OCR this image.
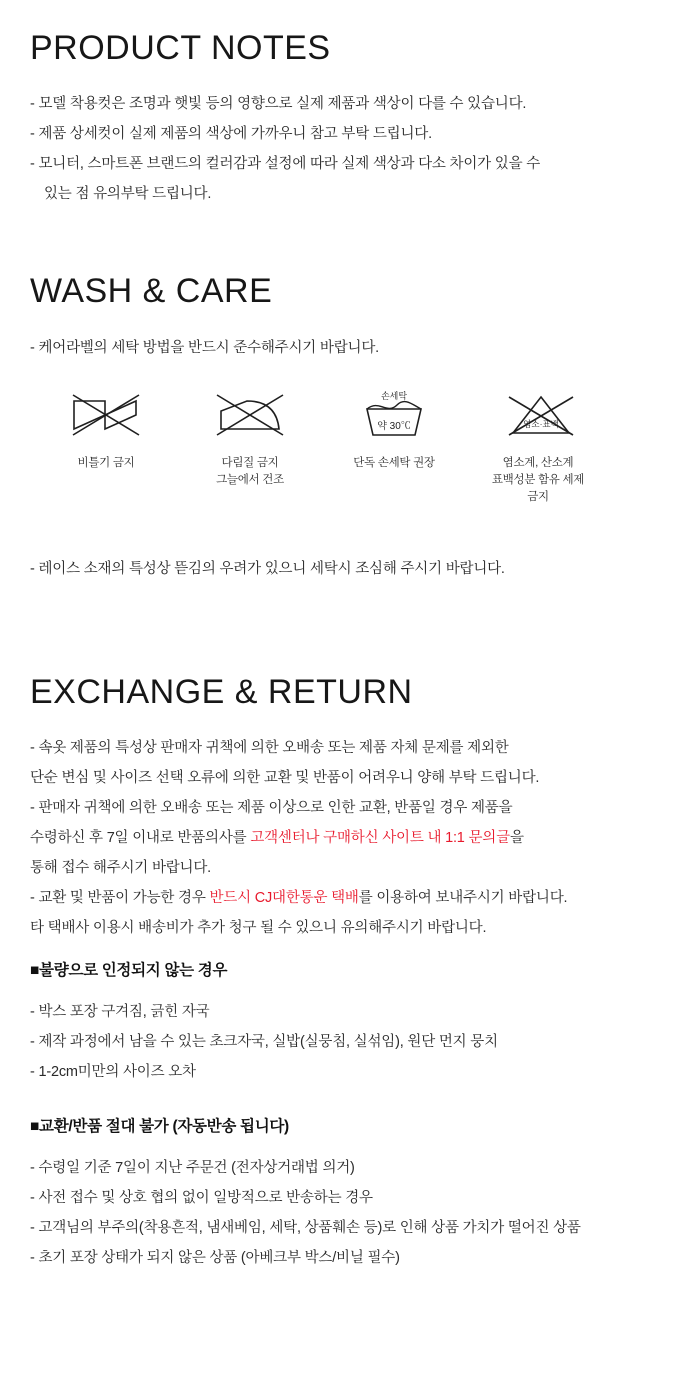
PRODUCT NOTES
- 모델 착용컷은 조명과 햇빛 등의 영향으로 실제 제품과 색상이 다를 수 있습니다.
- 제품 상세컷이 실제 제품의 색상에 가까우니 참고 부탁 드립니다.
- 모니터, 스마트폰 브랜드의 컬러감과 설정에 따라 실제 색상과 다소 차이가 있을 수
있는 점 유의부탁 드립니다.
WASH & CARE
- 케어라벨의 세탁 방법을 반드시 준수해주시기 바랍니다.
비틀기 금지	다림질 금지
그늘에서 건조
손세탁
약 30℃
단독 손세탁 권장
염소·표백
염소계, 산소계
표백성분 함유 세제 금지
- 레이스 소재의 특성상 뜯김의 우려가 있으니 세탁시 조심해 주시기 바랍니다.
EXCHANGE & RETURN
- 속옷 제품의 특성상 판매자 귀책에 의한 오배송 또는 제품 자체 문제를 제외한
단순 변심 및 사이즈 선택 오류에 의한 교환 및 반품이 어려우니 양해 부탁 드립니다.
- 판매자 귀책에 의한 오배송 또는 제품 이상으로 인한 교환, 반품일 경우 제품을
수령하신 후 7일 이내로 반품의사를 고객센터나 구매하신 사이트 내 1:1 문의글을
통해 접수 해주시기 바랍니다.
- 교환 및 반품이 가능한 경우 반드시 CJ대한통운 택배를 이용하여 보내주시기 바랍니다.
타 택배사 이용시 배송비가 추가 청구 될 수 있으니 유의해주시기 바랍니다.
■불량으로 인정되지 않는 경우
- 박스 포장 구겨짐, 긁힌 자국
- 제작 과정에서 남을 수 있는 초크자국, 실밥(실뭉침, 실섞임), 원단 먼지 뭉치
- 1-2cm미만의 사이즈 오차
■교환/반품 절대 불가 (자동반송 됩니다)
- 수령일 기준 7일이 지난 주문건 (전자상거래법 의거)
- 사전 접수 및 상호 협의 없이 일방적으로 반송하는 경우
- 고객님의 부주의(착용흔적, 냄새베임, 세탁, 상품훼손 등)로 인해 상품 가치가 떨어진 상품
- 초기 포장 상태가 되지 않은 상품 (아베크부 박스/비닐 필수)
